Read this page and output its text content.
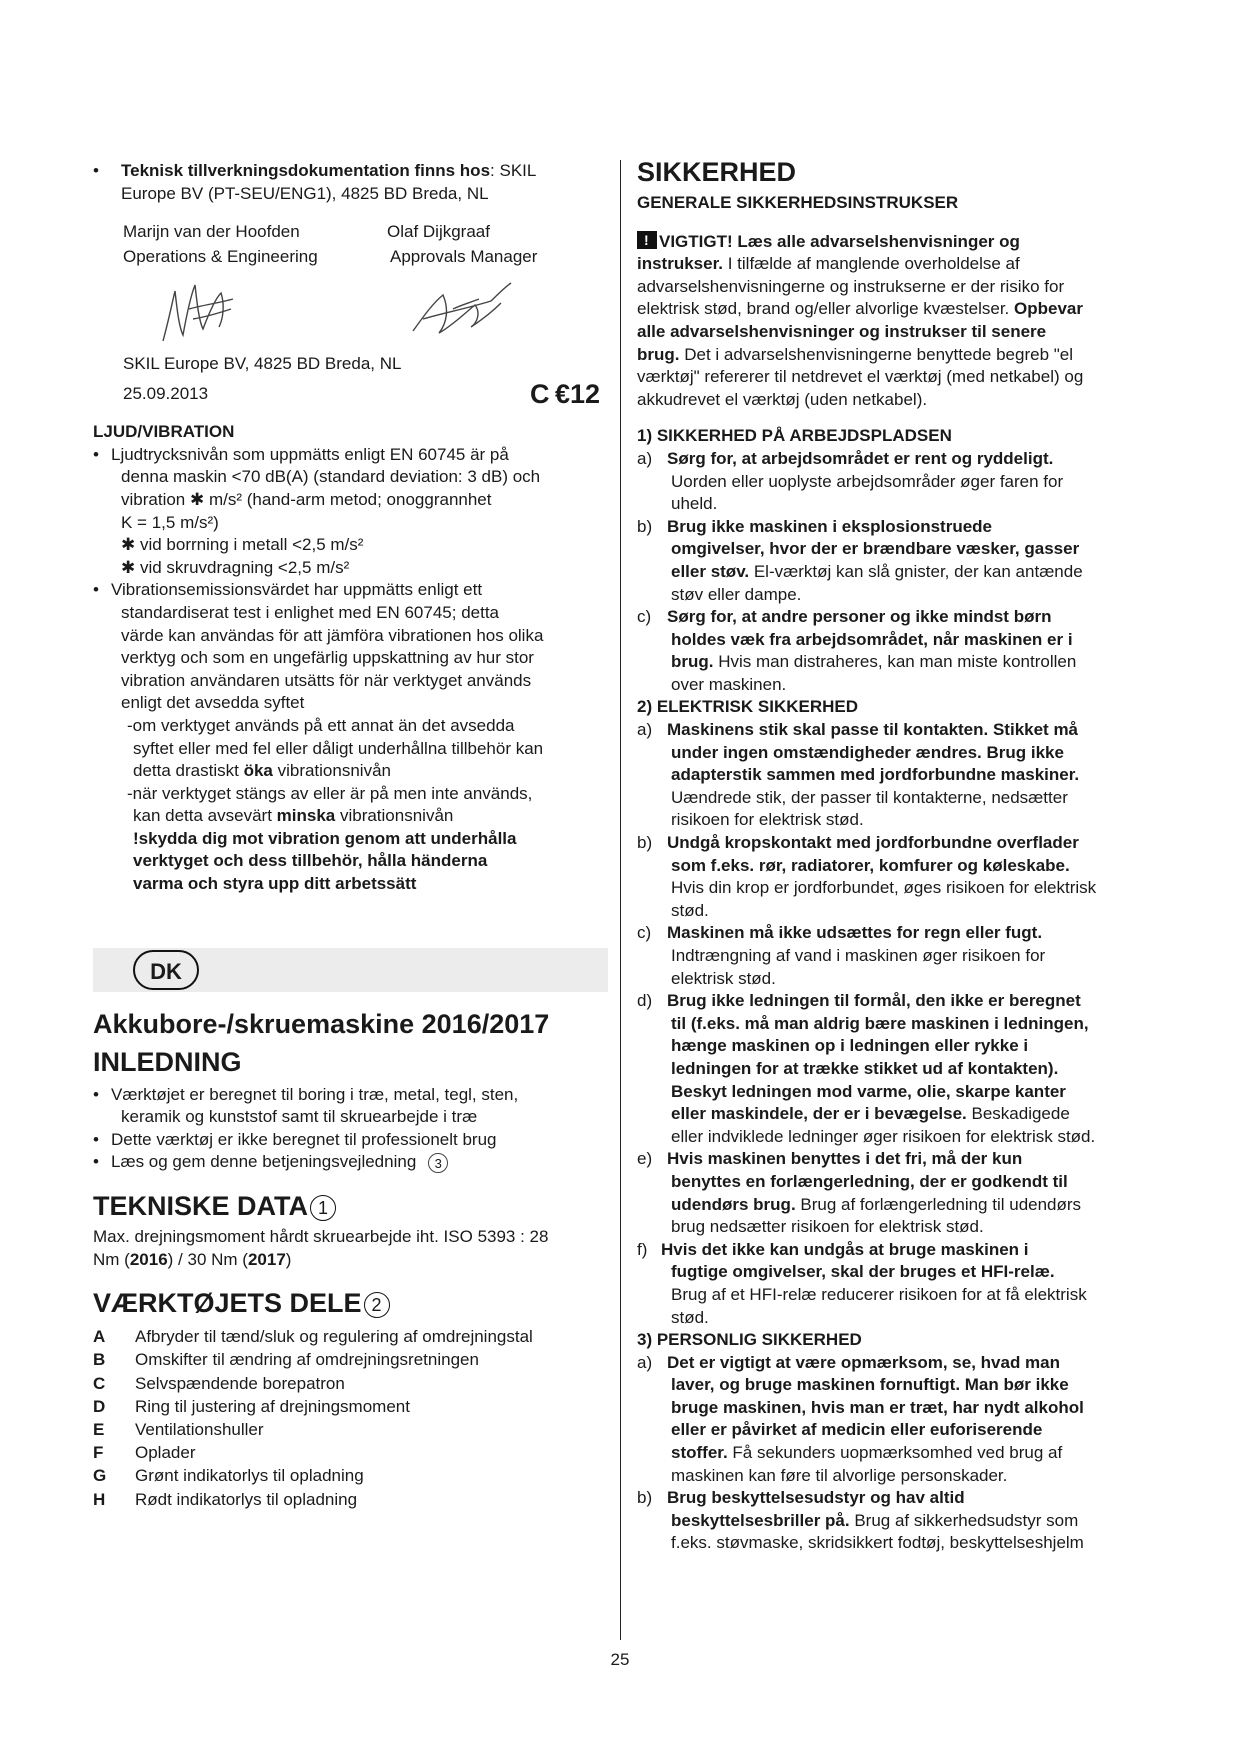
• Teknisk tillverkningsdokumentation finns hos: SKIL
Europe BV (PT-SEU/ENG1), 4825 BD Breda, NL
Marijn van der Hoofden	Olaf Dijkgraaf
Operations & Engineering	Approvals Manager
SKIL Europe BV, 4825 BD Breda, NL
25.09.2013	C €12
LJUD/VIBRATION
• Ljudtrycksnivån som uppmätts enligt EN 60745 är på
denna maskin <70 dB(A) (standard deviation: 3 dB) och
vibration ✱ m/s² (hand-arm metod; onoggrannhet
K = 1,5 m/s²)
✱ vid borrning i metall <2,5 m/s²
✱ vid skruvdragning <2,5 m/s²
• Vibrationsemissionsvärdet har uppmätts enligt ett
standardiserat test i enlighet med EN 60745; detta
värde kan användas för att jämföra vibrationen hos olika
verktyg och som en ungefärlig uppskattning av hur stor
vibration användaren utsätts för när verktyget används
enligt det avsedda syftet
-om verktyget används på ett annat än det avsedda
syftet eller med fel eller dåligt underhållna tillbehör kan
detta drastiskt öka vibrationsnivån
-när verktyget stängs av eller är på men inte används,
kan detta avsevärt minska vibrationsnivån
!skydda dig mot vibration genom att underhålla
verktyget och dess tillbehör, hålla händerna
varma och styra upp ditt arbetssätt
DK
Akkubore-/skruemaskine 2016/2017
INLEDNING
• Værktøjet er beregnet til boring i træ, metal, tegl, sten,
keramik og kunststof samt til skruearbejde i træ
• Dette værktøj er ikke beregnet til professionelt brug
• Læs og gem denne betjeningsvejledning 3
TEKNISKE DATA 1
Max. drejningsmoment hårdt skruearbejde iht. ISO 5393 : 28
Nm (2016) / 30 Nm (2017)
VÆRKTØJETS DELE 2
A	Afbryder til tænd/sluk og regulering af omdrejningstal
B	Omskifter til ændring af omdrejningsretningen
C	Selvspændende borepatron
D	Ring til justering af drejningsmoment
E	Ventilationshuller
F	Oplader
G	Grønt indikatorlys til opladning
H	Rødt indikatorlys til opladning
SIKKERHED
GENERALE SIKKERHEDSINSTRUKSER
!VIGTIGT! Læs alle advarselshenvisninger og
instrukser. I tilfælde af manglende overholdelse af
advarselshenvisningerne og instrukserne er der risiko for
elektrisk stød, brand og/eller alvorlige kvæstelser. Opbevar
alle advarselshenvisninger og instrukser til senere
brug. Det i advarselshenvisningerne benyttede begreb "el
værktøj" refererer til netdrevet el værktøj (med netkabel) og
akkudrevet el værktøj (uden netkabel).
1) SIKKERHED PÅ ARBEJDSPLADSEN
a) Sørg for, at arbejdsområdet er rent og ryddeligt.
Uorden eller uoplyste arbejdsområder øger faren for
uheld.
b) Brug ikke maskinen i eksplosionstruede
omgivelser, hvor der er brændbare væsker, gasser
eller støv. El-værktøj kan slå gnister, der kan antænde
støv eller dampe.
c) Sørg for, at andre personer og ikke mindst børn
holdes væk fra arbejdsområdet, når maskinen er i
brug. Hvis man distraheres, kan man miste kontrollen
over maskinen.
2) ELEKTRISK SIKKERHED
a) Maskinens stik skal passe til kontakten. Stikket må
under ingen omstændigheder ændres. Brug ikke
adapterstik sammen med jordforbundne maskiner.
Uændrede stik, der passer til kontakterne, nedsætter
risikoen for elektrisk stød.
b) Undgå kropskontakt med jordforbundne overflader
som f.eks. rør, radiatorer, komfurer og køleskabe.
Hvis din krop er jordforbundet, øges risikoen for elektrisk
stød.
c) Maskinen må ikke udsættes for regn eller fugt.
Indtrængning af vand i maskinen øger risikoen for
elektrisk stød.
d) Brug ikke ledningen til formål, den ikke er beregnet
til (f.eks. må man aldrig bære maskinen i ledningen,
hænge maskinen op i ledningen eller rykke i
ledningen for at trække stikket ud af kontakten).
Beskyt ledningen mod varme, olie, skarpe kanter
eller maskindele, der er i bevægelse. Beskadigede
eller indviklede ledninger øger risikoen for elektrisk stød.
e) Hvis maskinen benyttes i det fri, må der kun
benyttes en forlængerledning, der er godkendt til
udendørs brug. Brug af forlængerledning til udendørs
brug nedsætter risikoen for elektrisk stød.
f) Hvis det ikke kan undgås at bruge maskinen i
fugtige omgivelser, skal der bruges et HFI-relæ.
Brug af et HFI-relæ reducerer risikoen for at få elektrisk
stød.
3) PERSONLIG SIKKERHED
a) Det er vigtigt at være opmærksom, se, hvad man
laver, og bruge maskinen fornuftigt. Man bør ikke
bruge maskinen, hvis man er træt, har nydt alkohol
eller er påvirket af medicin eller euforiserende
stoffer. Få sekunders uopmærksomhed ved brug af
maskinen kan føre til alvorlige personskader.
b) Brug beskyttelsesudstyr og hav altid
beskyttelsesbriller på. Brug af sikkerhedsudstyr som
f.eks. støvmaske, skridsikkert fodtøj, beskyttelseshjelm
25
